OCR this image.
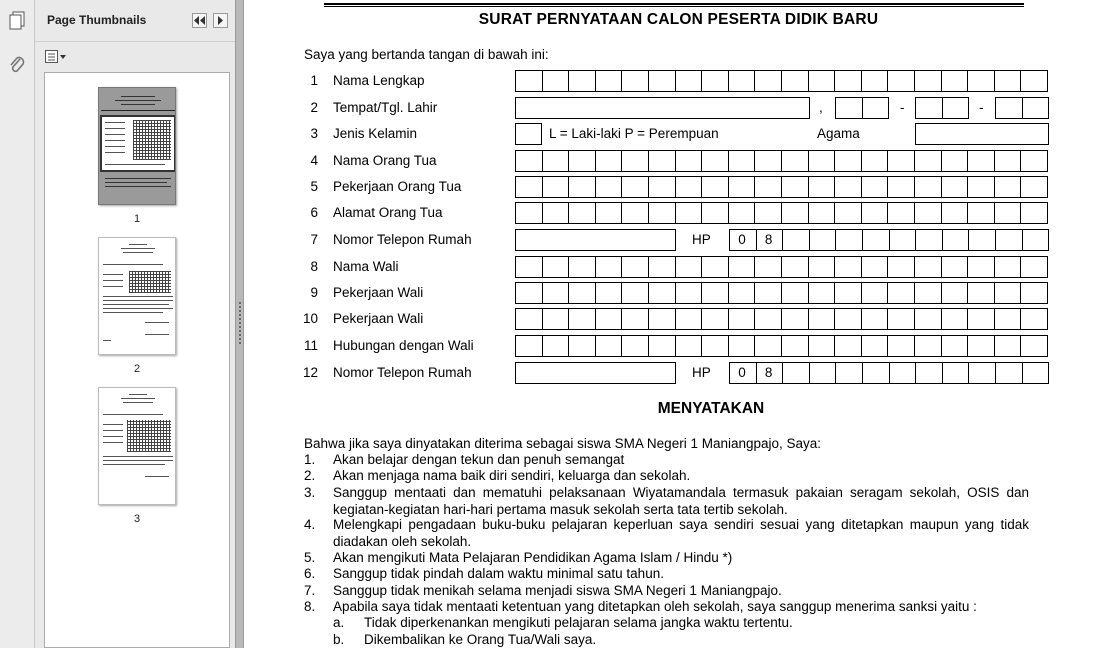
Page Thumbnails
1
2
3
SURAT PERNYATAAN CALON PESERTA DIDIK BARU
Saya yang bertanda tangan di bawah ini:
1 Nama Lengkap
2 Tempat/Tgl. Lahir	,	-	-
3 Jenis Kelamin	L = Laki-laki P = Perempuan	Agama
4 Nama Orang Tua
5 Pekerjaan Orang Tua
6 Alamat Orang Tua
7 Nomor Telepon Rumah	HP	0	8
8 Nama Wali
9 Pekerjaan Wali
10 Pekerjaan Wali
11 Hubungan dengan Wali
12 Nomor Telepon Rumah	HP	0	8
MENYATAKAN
Bahwa jika saya dinyatakan diterima sebagai siswa SMA Negeri 1 Maniangpajo, Saya:
1. Akan belajar dengan tekun dan penuh semangat
2. Akan menjaga nama baik diri sendiri, keluarga dan sekolah.
3. Sanggup mentaati dan mematuhi pelaksanaan Wiyatamandala termasuk pakaian seragam sekolah, OSIS dan kegiatan-kegiatan hari-hari pertama masuk sekolah serta tata tertib sekolah.
4. Melengkapi pengadaan buku-buku pelajaran keperluan saya sendiri sesuai yang ditetapkan maupun yang tidak diadakan oleh sekolah.
5. Akan mengikuti Mata Pelajaran Pendidikan Agama Islam / Hindu *)
6. Sanggup tidak pindah dalam waktu minimal satu tahun.
7. Sanggup tidak menikah selama menjadi siswa SMA Negeri 1 Maniangpajo.
8. Apabila saya tidak mentaati ketentuan yang ditetapkan oleh sekolah, saya sanggup menerima sanksi yaitu :
a. Tidak diperkenankan mengikuti pelajaran selama jangka waktu tertentu.
b. Dikembalikan ke Orang Tua/Wali saya.
